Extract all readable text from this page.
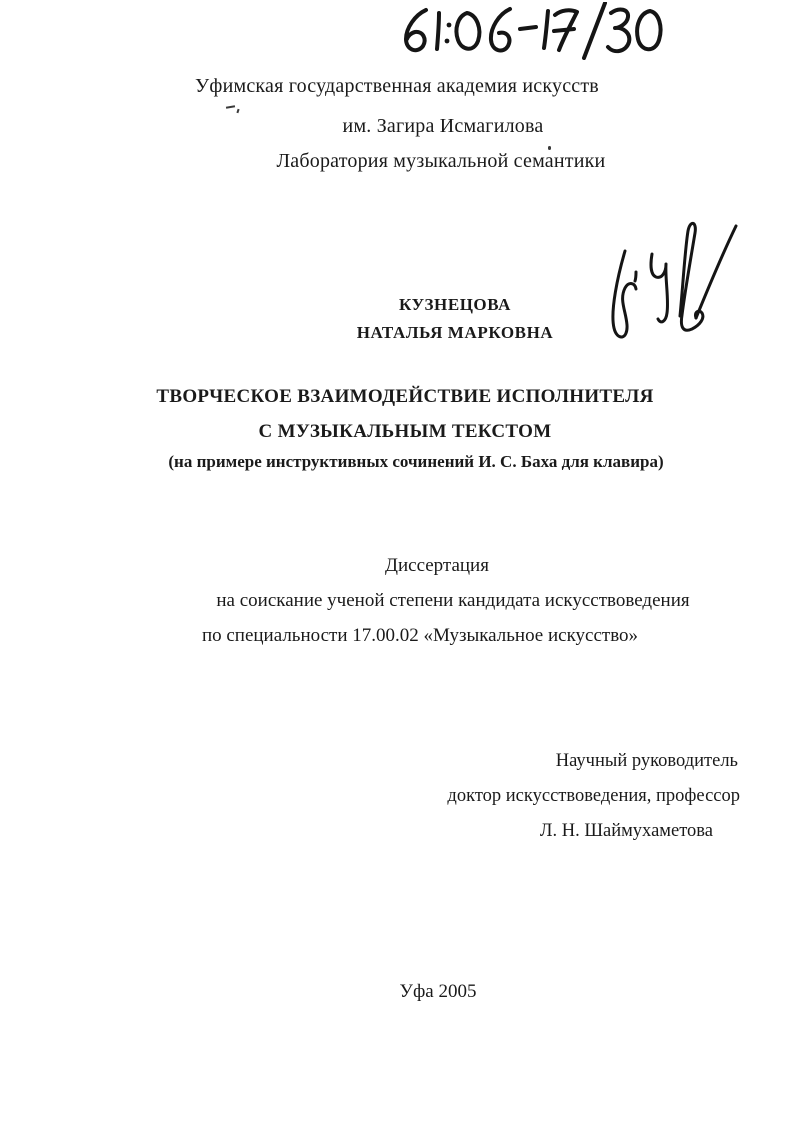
Уфимская государственная академия искусств
им. Загира Исмагилова
Лаборатория музыкальной семантики
КУЗНЕЦОВА
НАТАЛЬЯ МАРКОВНА
ТВОРЧЕСКОЕ ВЗАИМОДЕЙСТВИЕ ИСПОЛНИТЕЛЯ
С МУЗЫКАЛЬНЫМ ТЕКСТОМ
(на примере инструктивных сочинений И. С. Баха для клавира)
Диссертация
на соискание ученой степени кандидата искусствоведения
по специальности 17.00.02 «Музыкальное искусство»
Научный руководитель
доктор искусствоведения, профессор
Л. Н. Шаймухаметова
Уфа 2005
